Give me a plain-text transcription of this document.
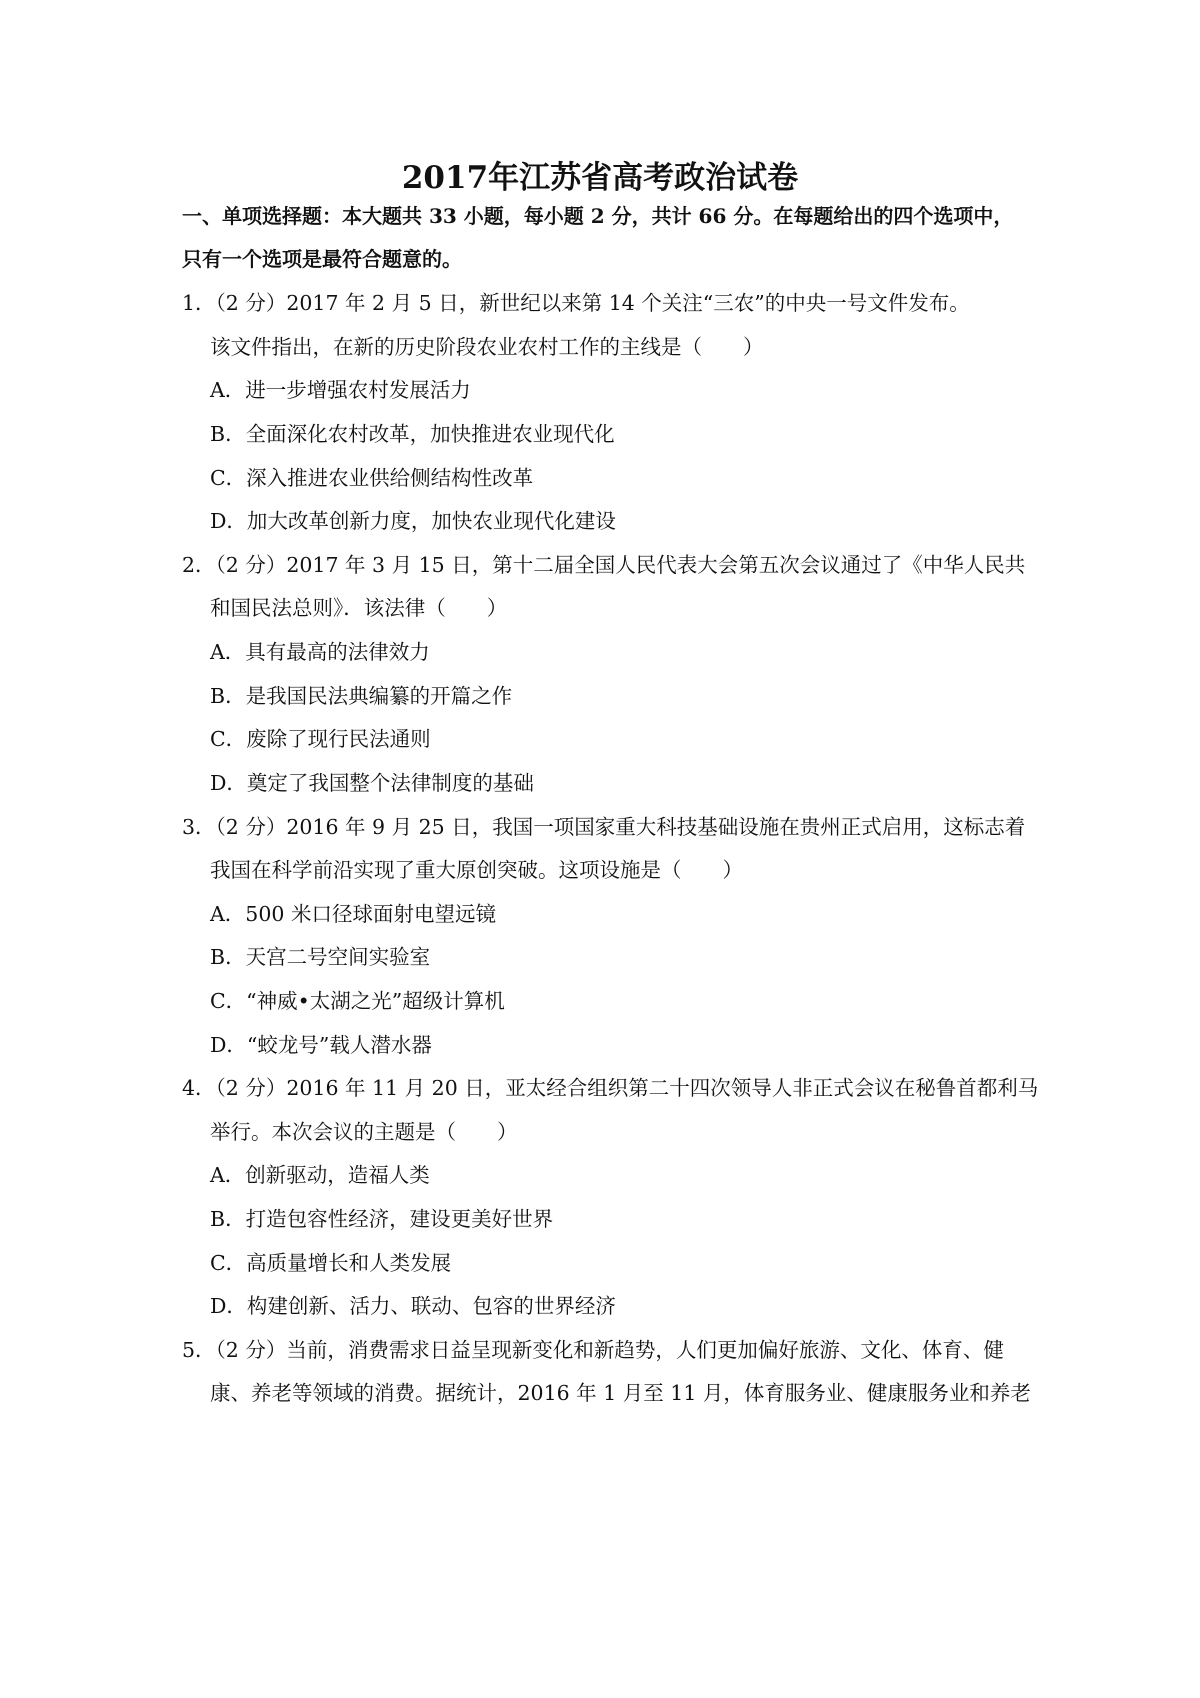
2017年江苏省高考政治试卷
一、单项选择题：本大题共 33 小题，每小题 2 分，共计 66 分。在每题给出的四个选项中，
只有一个选项是最符合题意的。
1．（2 分）2017 年 2 月 5 日，新世纪以来第 14 个关注“三农”的中央一号文件发布。
该文件指出，在新的历史阶段农业农村工作的主线是（　　）
A．进一步增强农村发展活力
B．全面深化农村改革，加快推进农业现代化
C．深入推进农业供给侧结构性改革
D．加大改革创新力度，加快农业现代化建设
2．（2 分）2017 年 3 月 15 日，第十二届全国人民代表大会第五次会议通过了《中华人民共
和国民法总则》．该法律（　　）
A．具有最高的法律效力
B．是我国民法典编纂的开篇之作
C．废除了现行民法通则
D．奠定了我国整个法律制度的基础
3．（2 分）2016 年 9 月 25 日，我国一项国家重大科技基础设施在贵州正式启用，这标志着
我国在科学前沿实现了重大原创突破。这项设施是（　　）
A．500 米口径球面射电望远镜
B．天宫二号空间实验室
C．“神威•太湖之光”超级计算机
D．“蛟龙号”载人潜水器
4．（2 分）2016 年 11 月 20 日，亚太经合组织第二十四次领导人非正式会议在秘鲁首都利马
举行。本次会议的主题是（　　）
A．创新驱动，造福人类
B．打造包容性经济，建设更美好世界
C．高质量增长和人类发展
D．构建创新、活力、联动、包容的世界经济
5．（2 分）当前，消费需求日益呈现新变化和新趋势，人们更加偏好旅游、文化、体育、健
康、养老等领域的消费。据统计，2016 年 1 月至 11 月，体育服务业、健康服务业和养老
